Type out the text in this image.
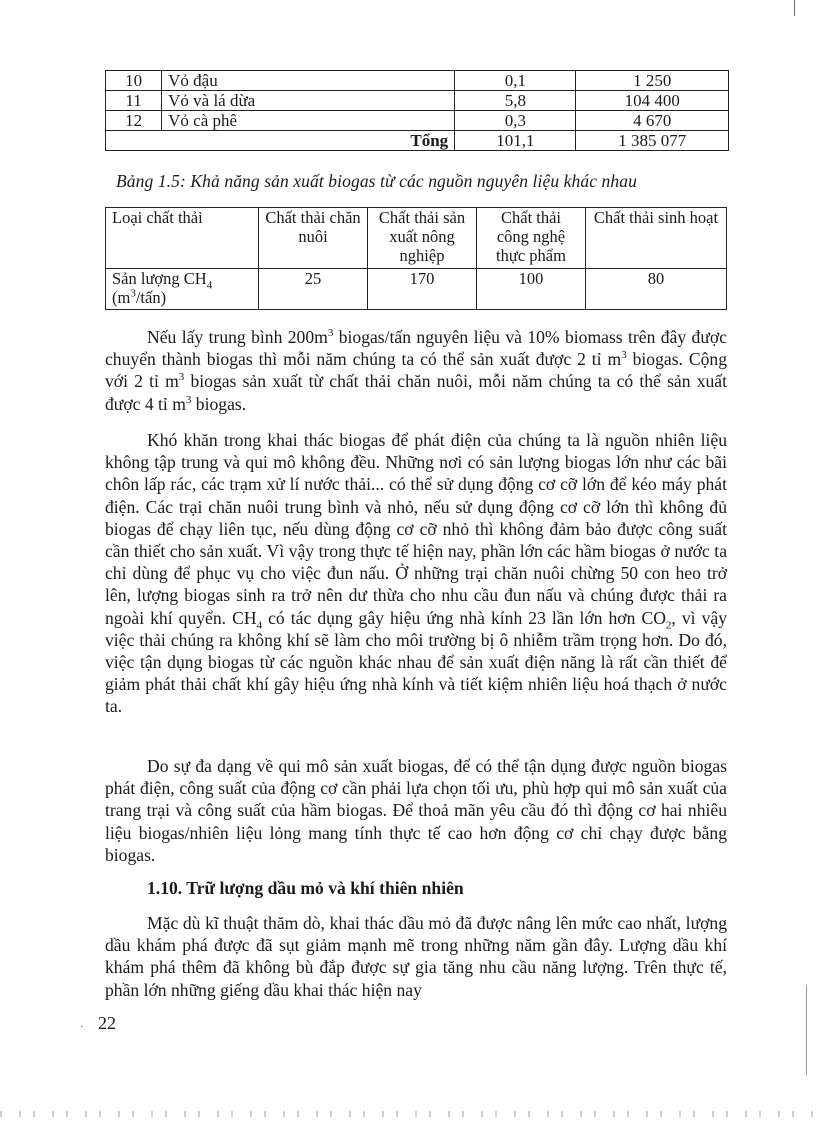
10	Vỏ đậu	0,1	1 250
11	Vỏ và lá dừa	5,8	104 400
12	Vỏ cà phê	0,3	4 670
Tổng		101,1	1 385 077
Bảng 1.5: Khả năng sản xuất biogas từ các nguồn nguyên liệu khác nhau
Loại chất thải	Chất thải chăn nuôi	Chất thải sản xuất nông nghiệp	Chất thải công nghệ thực phẩm	Chất thải sinh hoạt
Sản lượng $CH_4$
$(m^3/tấn)$	25	170	100	80

Nếu lấy trung bình $200m^3$ biogas/tấn nguyên liệu và 10% biomass trên đây được chuyển thành biogas thì mỗi năm chúng ta có thể sản xuất được 2 tỉ $m^3$ biogas. Cộng với 2 tỉ $m^3$ biogas sản xuất từ chất thải chăn nuôi, mỗi năm chúng ta có thể sản xuất được 4 tỉ $m^3$ biogas.

Khó khăn trong khai thác biogas để phát điện của chúng ta là nguồn nhiên liệu không tập trung và qui mô không đều. Những nơi có sản lượng biogas lớn như các bãi chôn lấp rác, các trạm xử lí nước thải... có thể sử dụng động cơ cỡ lớn để kéo máy phát điện. Các trại chăn nuôi trung bình và nhỏ, nếu sử dụng động cơ cỡ lớn thì không đủ biogas để chạy liên tục, nếu dùng động cơ cỡ nhỏ thì không đảm bảo được công suất cần thiết cho sản xuất. Vì vậy trong thực tế hiện nay, phần lớn các hầm biogas ở nước ta chỉ dùng để phục vụ cho việc đun nấu. Ở những trại chăn nuôi chừng 50 con heo trở lên, lượng biogas sinh ra trở nên dư thừa cho nhu cầu đun nấu và chúng được thải ra ngoài khí quyển. $CH_4$ có tác dụng gây hiệu ứng nhà kính 23 lần lớn hơn $CO_2$, vì vậy việc thải chúng ra không khí sẽ làm cho môi trường bị ô nhiễm trầm trọng hơn. Do đó, việc tận dụng biogas từ các nguồn khác nhau để sản xuất điện năng là rất cần thiết để giảm phát thải chất khí gây hiệu ứng nhà kính và tiết kiệm nhiên liệu hoá thạch ở nước ta.

Do sự đa dạng về qui mô sản xuất biogas, để có thể tận dụng được nguồn biogas phát điện, công suất của động cơ cần phải lựa chọn tối ưu, phù hợp qui mô sản xuất của trang trại và công suất của hầm biogas. Để thoả mãn yêu cầu đó thì động cơ hai nhiêu liệu biogas/nhiên liệu lỏng mang tính thực tế cao hơn động cơ chỉ chạy được bằng biogas.

1.10. Trữ lượng dầu mỏ và khí thiên nhiên

Mặc dù kĩ thuật thăm dò, khai thác dầu mỏ đã được nâng lên mức cao nhất, lượng dầu khám phá được đã sụt giảm mạnh mẽ trong những năm gần đây. Lượng dầu khí khám phá thêm đã không bù đắp được sự gia tăng nhu cầu năng lượng. Trên thực tế, phần lớn những giếng dầu khai thác hiện nay

· 22
